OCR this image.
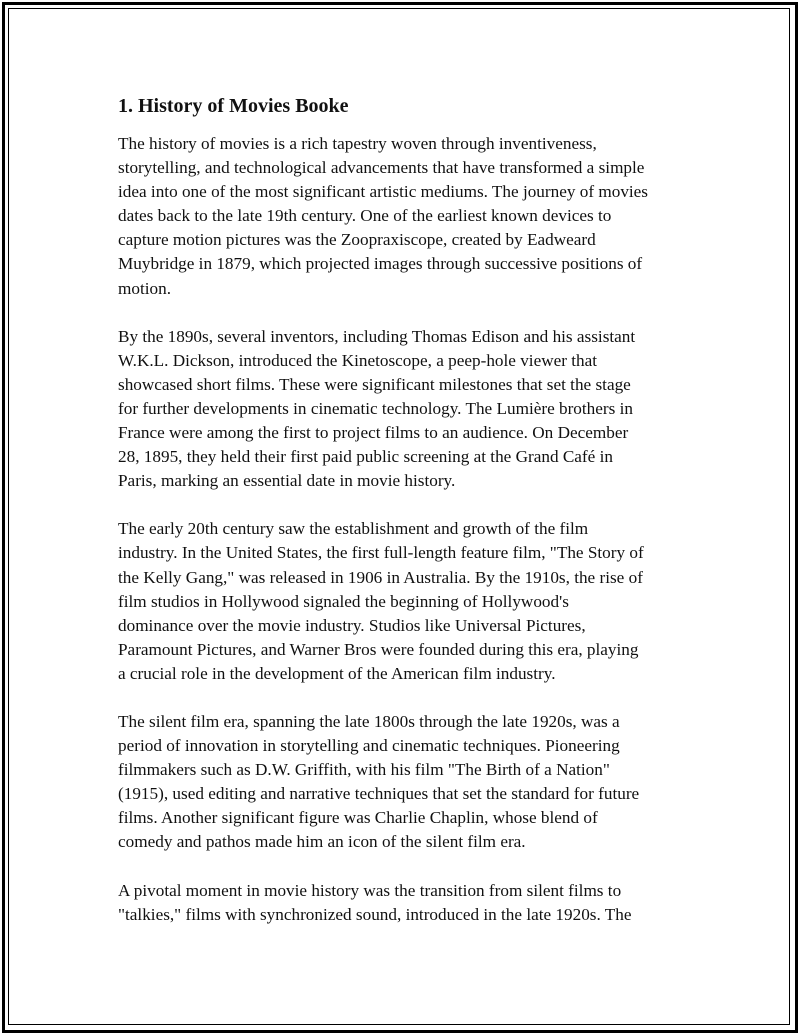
1. History of Movies Booke

The history of movies is a rich tapestry woven through inventiveness,
storytelling, and technological advancements that have transformed a simple
idea into one of the most significant artistic mediums. The journey of movies
dates back to the late 19th century. One of the earliest known devices to
capture motion pictures was the Zoopraxiscope, created by Eadweard
Muybridge in 1879, which projected images through successive positions of
motion.

By the 1890s, several inventors, including Thomas Edison and his assistant
W.K.L. Dickson, introduced the Kinetoscope, a peep-hole viewer that
showcased short films. These were significant milestones that set the stage
for further developments in cinematic technology. The Lumière brothers in
France were among the first to project films to an audience. On December
28, 1895, they held their first paid public screening at the Grand Café in
Paris, marking an essential date in movie history.

The early 20th century saw the establishment and growth of the film
industry. In the United States, the first full-length feature film, "The Story of
the Kelly Gang," was released in 1906 in Australia. By the 1910s, the rise of
film studios in Hollywood signaled the beginning of Hollywood's
dominance over the movie industry. Studios like Universal Pictures,
Paramount Pictures, and Warner Bros were founded during this era, playing
a crucial role in the development of the American film industry.

The silent film era, spanning the late 1800s through the late 1920s, was a
period of innovation in storytelling and cinematic techniques. Pioneering
filmmakers such as D.W. Griffith, with his film "The Birth of a Nation"
(1915), used editing and narrative techniques that set the standard for future
films. Another significant figure was Charlie Chaplin, whose blend of
comedy and pathos made him an icon of the silent film era.

A pivotal moment in movie history was the transition from silent films to
"talkies," films with synchronized sound, introduced in the late 1920s. The
